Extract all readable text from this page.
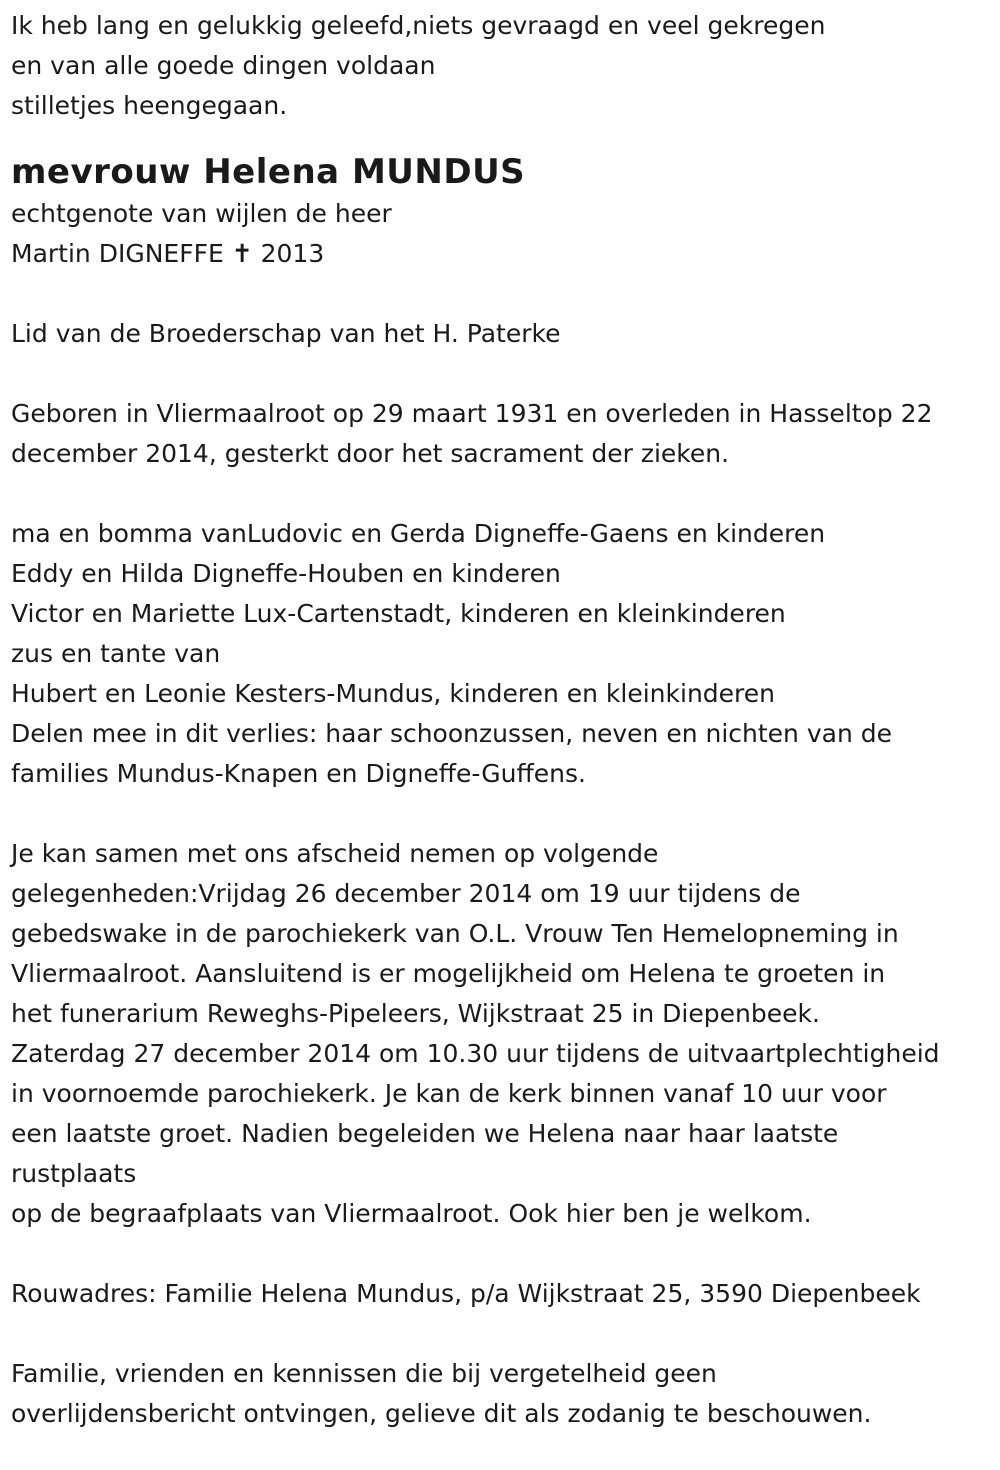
Ik heb lang en gelukkig geleefd,niets gevraagd en veel gekregen
en van alle goede dingen voldaan
stilletjes heengegaan.
mevrouw Helena MUNDUS
echtgenote van wijlen de heer
Martin DIGNEFFE ✝ 2013
Lid van de Broederschap van het H. Paterke
Geboren in Vliermaalroot op 29 maart 1931 en overleden in Hasseltop 22
december 2014, gesterkt door het sacrament der zieken.
ma en bomma vanLudovic en Gerda Digneffe-Gaens en kinderen
Eddy en Hilda Digneffe-Houben en kinderen
Victor en Mariette Lux-Cartenstadt, kinderen en kleinkinderen
zus en tante van
Hubert en Leonie Kesters-Mundus, kinderen en kleinkinderen
Delen mee in dit verlies: haar schoonzussen, neven en nichten van de
families Mundus-Knapen en Digneffe-Guffens.
Je kan samen met ons afscheid nemen op volgende
gelegenheden:Vrijdag 26 december 2014 om 19 uur tijdens de
gebedswake in de parochiekerk van O.L. Vrouw Ten Hemelopneming in
Vliermaalroot. Aansluitend is er mogelijkheid om Helena te groeten in
het funerarium Reweghs-Pipeleers, Wijkstraat 25 in Diepenbeek.
Zaterdag 27 december 2014 om 10.30 uur tijdens de uitvaartplechtigheid
in voornoemde parochiekerk. Je kan de kerk binnen vanaf 10 uur voor
een laatste groet. Nadien begeleiden we Helena naar haar laatste
rustplaats
op de begraafplaats van Vliermaalroot. Ook hier ben je welkom.
Rouwadres: Familie Helena Mundus, p/a Wijkstraat 25, 3590 Diepenbeek
Familie, vrienden en kennissen die bij vergetelheid geen
overlijdensbericht ontvingen, gelieve dit als zodanig te beschouwen.
